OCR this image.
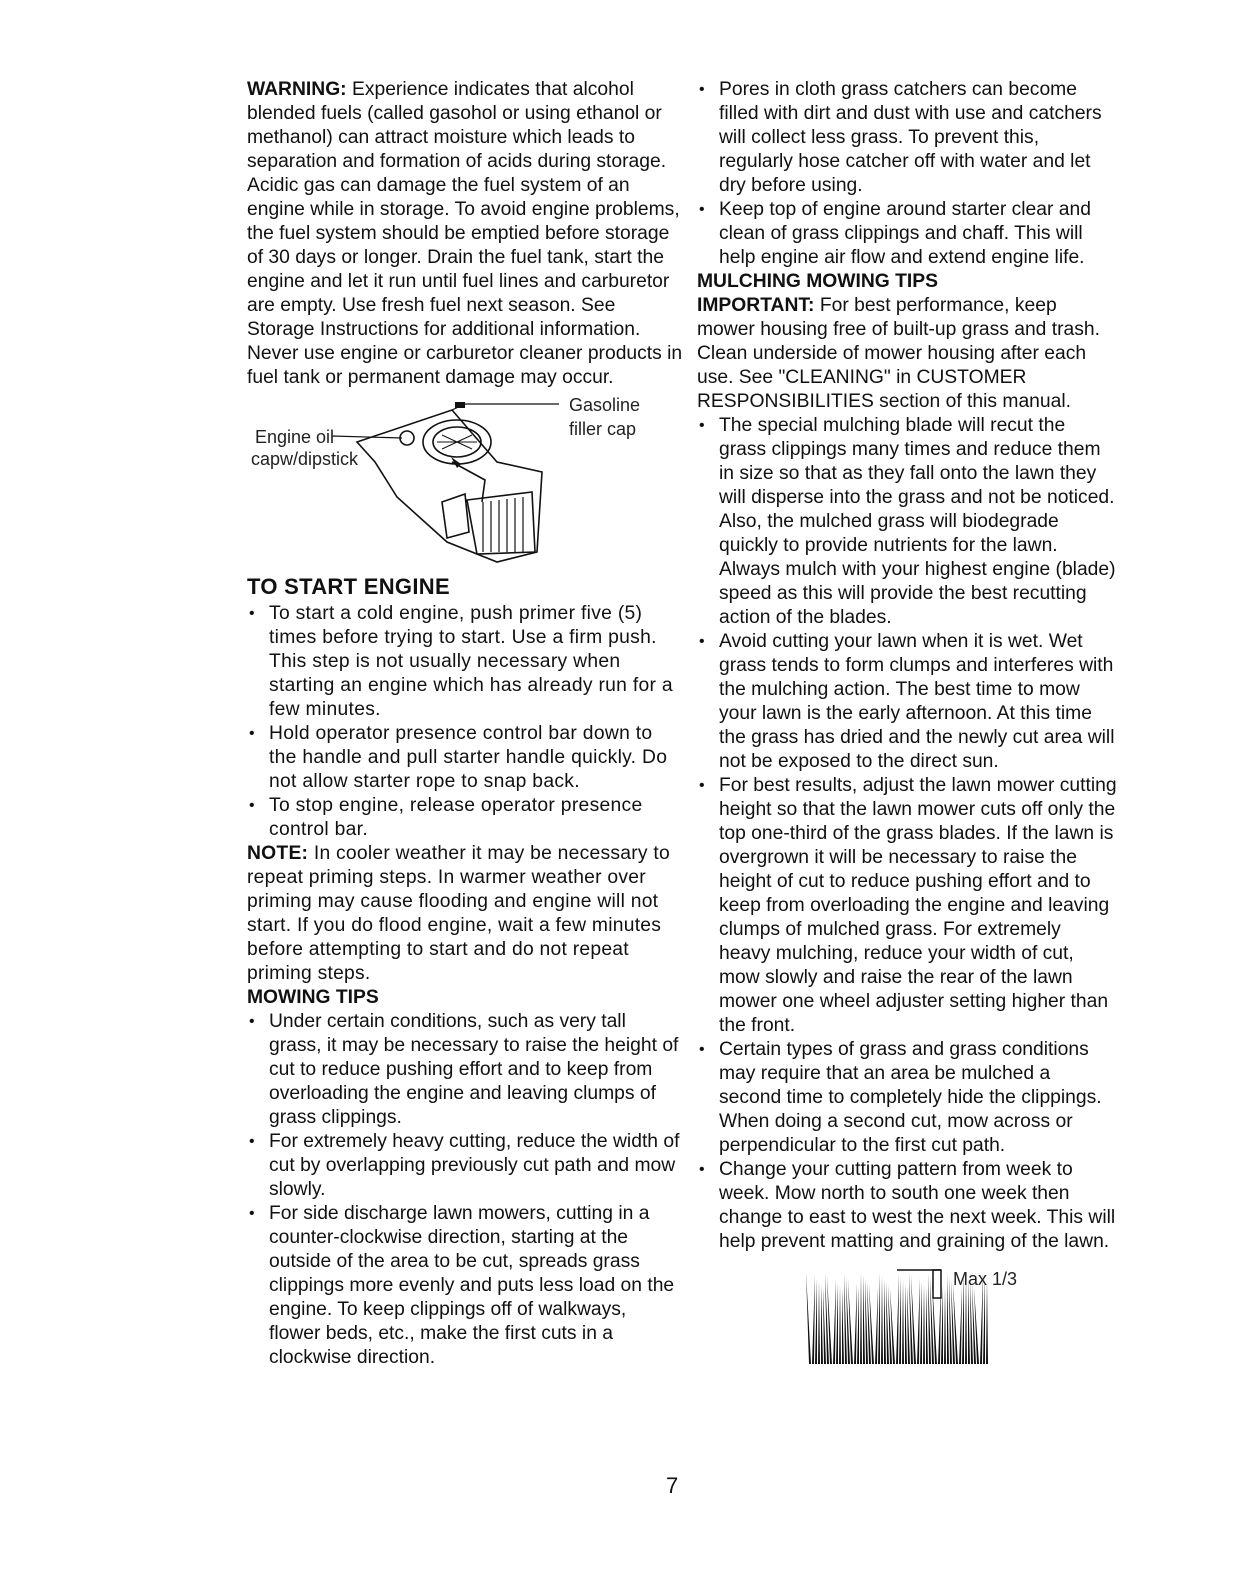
WARNING: Experience indicates that alcohol blended fuels (called gasohol or using ethanol or methanol) can attract moisture which leads to separation and formation of acids during storage. Acidic gas can damage the fuel system of an engine while in storage. To avoid engine problems, the fuel system should be emptied before storage of 30 days or longer. Drain the fuel tank, start the engine and let it run until fuel lines and carburetor are empty. Use fresh fuel next season. See Storage Instructions for additional information. Never use engine or carburetor cleaner products in fuel tank or permanent damage may occur.

Engine oil
capw/dipstick
Gasoline
filler cap
TO START ENGINE
• To start a cold engine, push primer five (5) times before trying to start. Use a firm push. This step is not usually necessary when starting an engine which has already run for a few minutes.
• Hold operator presence control bar down to the handle and pull starter handle quickly. Do not allow starter rope to snap back.
• To stop engine, release operator presence control bar.

NOTE: In cooler weather it may be necessary to repeat priming steps. In warmer weather over priming may cause flooding and engine will not start. If you do flood engine, wait a few minutes before attempting to start and do not repeat priming steps.

MOWING TIPS
• Under certain conditions, such as very tall grass, it may be necessary to raise the height of cut to reduce pushing effort and to keep from overloading the engine and leaving clumps of grass clippings.
• For extremely heavy cutting, reduce the width of cut by overlapping previously cut path and mow slowly.
• For side discharge lawn mowers, cutting in a counter-clockwise direction, starting at the outside of the area to be cut, spreads grass clippings more evenly and puts less load on the engine. To keep clippings off of walkways, flower beds, etc., make the first cuts in a clockwise direction.
• Pores in cloth grass catchers can become filled with dirt and dust with use and catchers will collect less grass. To prevent this, regularly hose catcher off with water and let dry before using.
• Keep top of engine around starter clear and clean of grass clippings and chaff. This will help engine air flow and extend engine life.
MULCHING MOWING TIPS

IMPORTANT: For best performance, keep mower housing free of built-up grass and trash. Clean underside of mower housing after each use. See "CLEANING" in CUSTOMER RESPONSIBILITIES section of this manual.

• The special mulching blade will recut the grass clippings many times and reduce them in size so that as they fall onto the lawn they will disperse into the grass and not be noticed. Also, the mulched grass will biodegrade quickly to provide nutrients for the lawn. Always mulch with your highest engine (blade) speed as this will provide the best recutting action of the blades.
• Avoid cutting your lawn when it is wet. Wet grass tends to form clumps and interferes with the mulching action. The best time to mow your lawn is the early afternoon. At this time the grass has dried and the newly cut area will not be exposed to the direct sun.
• For best results, adjust the lawn mower cutting height so that the lawn mower cuts off only the top one-third of the grass blades. If the lawn is overgrown it will be necessary to raise the height of cut to reduce pushing effort and to keep from overloading the engine and leaving clumps of mulched grass. For extremely heavy mulching, reduce your width of cut, mow slowly and raise the rear of the lawn mower one wheel adjuster setting higher than the front.
• Certain types of grass and grass conditions may require that an area be mulched a second time to completely hide the clippings. When doing a second cut, mow across or perpendicular to the first cut path.
• Change your cutting pattern from week to week. Mow north to south one week then change to east to west the next week. This will help prevent matting and graining of the lawn.
Max 1/3
7
